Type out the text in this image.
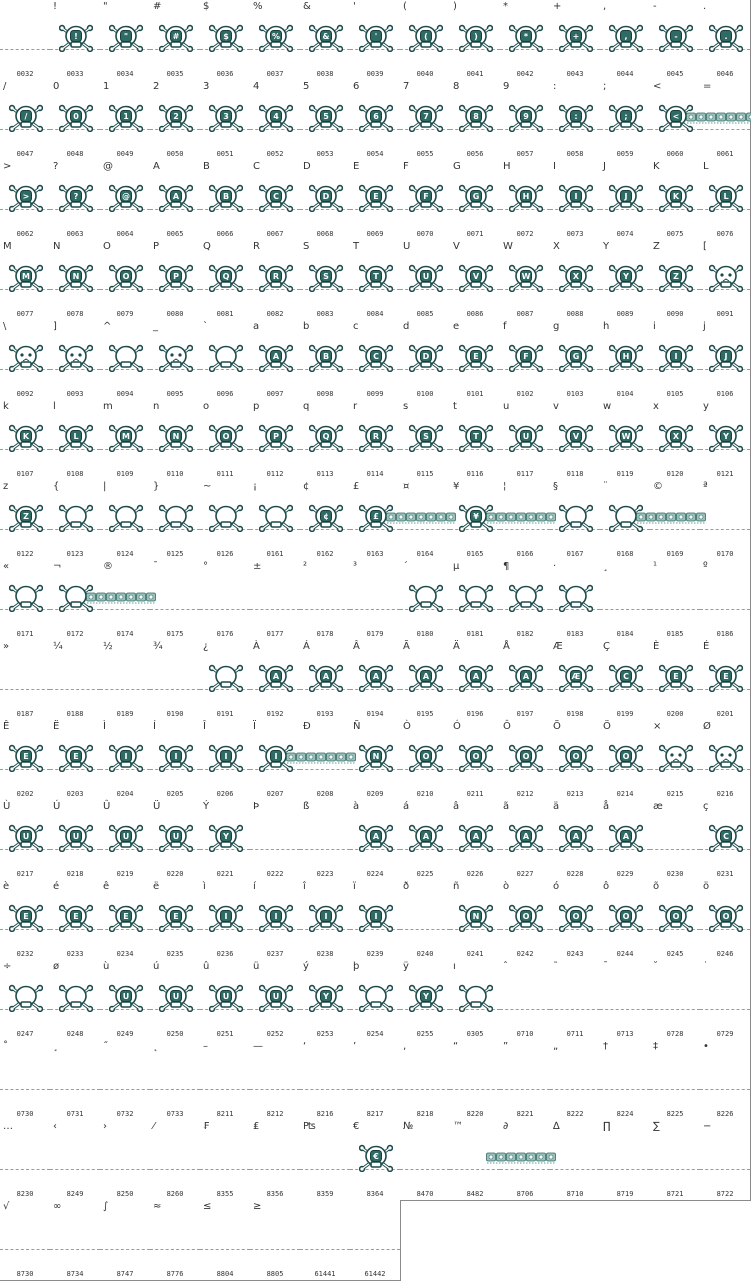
0032
!
!
0033
"
"
0034
#
#
0035
$
$
0036
%
%
0037
&
&
0038
'
'
0039
(
(
0040
)
)
0041
*
*
0042
+
+
0043
,
,
0044
-
-
0045
.
.
0046
/
/
0047
0
0
0048
1
1
0049
2
2
0050
3
3
0051
4
4
0052
5
5
0053
6
6
0054
7
7
0055
8
8
0056
9
9
0057
:
:
0058
;
;
0059
<
<
0060
=
0061
>
>
0062
?
?
0063
@
@
0064
A
A
0065
B
B
0066
C
C
0067
D
D
0068
E
E
0069
F
F
0070
G
G
0071
H
H
0072
I
I
0073
J
J
0074
K
K
0075
L
L
0076
M
M
0077
N
N
0078
O
O
0079
P
P
0080
Q
Q
0081
R
R
0082
S
S
0083
T
T
0084
U
U
0085
V
V
0086
W
W
0087
X
X
0088
Y
Y
0089
Z
Z
0090
[
0091
\
0092
]
0093
^
0094
_
0095
`
0096
a
A
0097
b
B
0098
c
C
0099
d
D
0100
e
E
0101
f
F
0102
g
G
0103
h
H
0104
i
I
0105
j
J
0106
k
K
0107
l
L
0108
m
M
0109
n
N
0110
o
O
0111
p
P
0112
q
Q
0113
r
R
0114
s
S
0115
t
T
0116
u
U
0117
v
V
0118
w
W
0119
x
X
0120
y
Y
0121
z
Z
0122
{
0123
|
0124
}
0125
~
0126
¡
0161
¢
¢
0162
£
£
0163
¤
0164
¥
¥
0165
¦
0166
§
0167
¨
0168
©
0169
ª
0170
«
0171
¬
0172
®
0174
¯
0175
°
0176
±
0177
²
0178
³
0179
´
0180
µ
0181
¶
0182
·
0183
¸
0184
¹
0185
º
0186
»
0187
¼
0188
½
0189
¾
0190
¿
0191
À
A
0192
Á
A
0193
Â
A
0194
Ã
A
0195
Ä
A
0196
Å
A
0197
Æ
Æ
0198
Ç
C
0199
È
E
0200
É
E
0201
Ê
E
0202
Ë
E
0203
Ì
I
0204
Í
I
0205
Î
I
0206
Ï
I
0207
Ð
0208
Ñ
N
0209
Ò
O
0210
Ó
O
0211
Ô
O
0212
Õ
O
0213
Ö
O
0214
×
0215
Ø
0216
Ù
U
0217
Ú
U
0218
Û
U
0219
Ü
U
0220
Ý
Y
0221
Þ
0222
ß
0223
à
A
0224
á
A
0225
â
A
0226
ã
A
0227
ä
A
0228
å
A
0229
æ
0230
ç
C
0231
è
E
0232
é
E
0233
ê
E
0234
ë
E
0235
ì
I
0236
í
I
0237
î
I
0238
ï
I
0239
ð
0240
ñ
N
0241
ò
O
0242
ó
O
0243
ô
O
0244
õ
O
0245
ö
O
0246
÷
0247
ø
0248
ù
U
0249
ú
U
0250
û
U
0251
ü
U
0252
ý
Y
0253
þ
0254
ÿ
Y
0255
ı
0305
ˆ
0710
˜
0711
¯
0713
˘
0728
˙
0729
˚
0730
¸
0731
˝
0732
˛
0733
–
8211
—
8212
‘
8216
’
8217
‚
8218
“
8220
”
8221
„
8222
†
8224
‡
8225
•
8226
…
8230
‹
8249
›
8250
⁄
8260
₣
8355
₤
8356
₧
8359
€
€
8364
№
8470
™
8482
∂
8706
∆
8710
∏
8719
∑
8721
−
8722
√
8730
∞
8734
∫
8747
≈
8776
≤
8804
≥
8805	61441	61442
